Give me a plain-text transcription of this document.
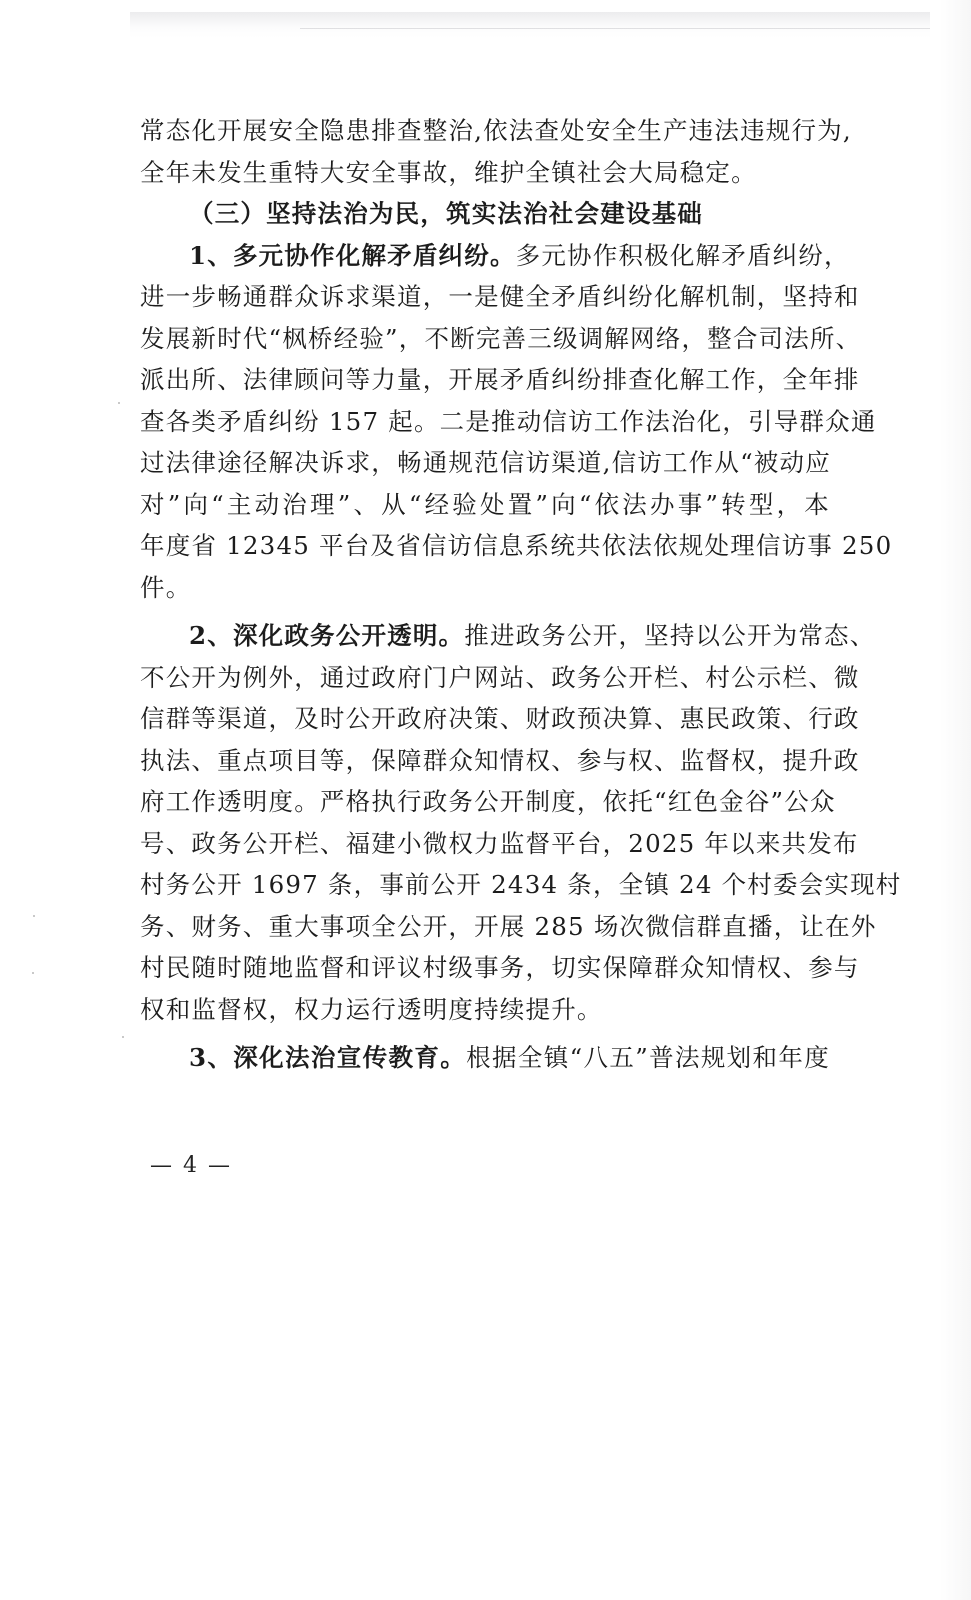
常态化开展安全隐患排查整治,依法查处安全生产违法违规行为,
全年未发生重特大安全事故，维护全镇社会大局稳定。
（三）坚持法治为民，筑实法治社会建设基础
1、多元协作化解矛盾纠纷。多元协作积极化解矛盾纠纷，
进一步畅通群众诉求渠道，一是健全矛盾纠纷化解机制，坚持和
发展新时代“枫桥经验”，不断完善三级调解网络，整合司法所、
派出所、法律顾问等力量，开展矛盾纠纷排查化解工作，全年排
查各类矛盾纠纷 157 起。二是推动信访工作法治化，引导群众通
过法律途径解决诉求，畅通规范信访渠道,信访工作从“被动应
对”向“主动治理”、从“经验处置”向“依法办事”转型，本
年度省 12345 平台及省信访信息系统共依法依规处理信访事 250
件。
2、深化政务公开透明。推进政务公开，坚持以公开为常态、
不公开为例外，通过政府门户网站、政务公开栏、村公示栏、微
信群等渠道，及时公开政府决策、财政预决算、惠民政策、行政
执法、重点项目等，保障群众知情权、参与权、监督权，提升政
府工作透明度。严格执行政务公开制度，依托“红色金谷”公众
号、政务公开栏、福建小微权力监督平台，2025 年以来共发布
村务公开 1697 条，事前公开 2434 条，全镇 24 个村委会实现村
务、财务、重大事项全公开，开展 285 场次微信群直播，让在外
村民随时随地监督和评议村级事务，切实保障群众知情权、参与
权和监督权，权力运行透明度持续提升。
3、深化法治宣传教育。根据全镇“八五”普法规划和年度
— 4 —
